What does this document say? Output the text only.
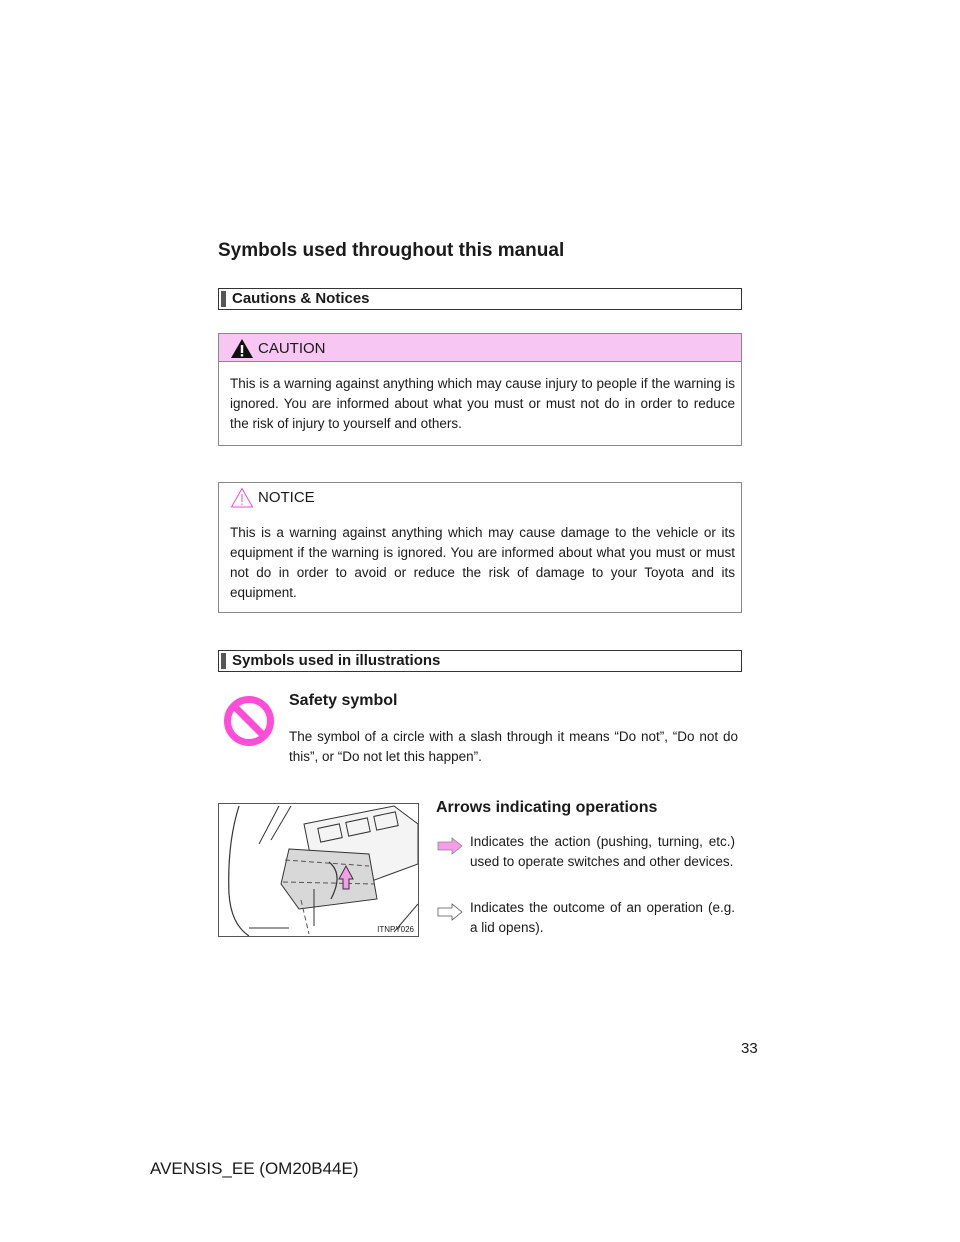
Symbols used throughout this manual
Cautions & Notices
CAUTION
This is a warning against anything which may cause injury to people if the warning is ignored. You are informed about what you must or must not do in order to reduce the risk of injury to yourself and others.
NOTICE
This is a warning against anything which may cause damage to the vehicle or its equipment if the warning is ignored. You are informed about what you must or must not do in order to avoid or reduce the risk of damage to your Toyota and its equipment.
Symbols used in illustrations
Safety symbol
The symbol of a circle with a slash through it means “Do not”, “Do not do this”, or “Do not let this happen”.
ITNPY026
Arrows indicating operations
Indicates the action (pushing, turning, etc.) used to operate switches and other devices.
Indicates the outcome of an operation (e.g. a lid opens).
33
AVENSIS_EE (OM20B44E)
